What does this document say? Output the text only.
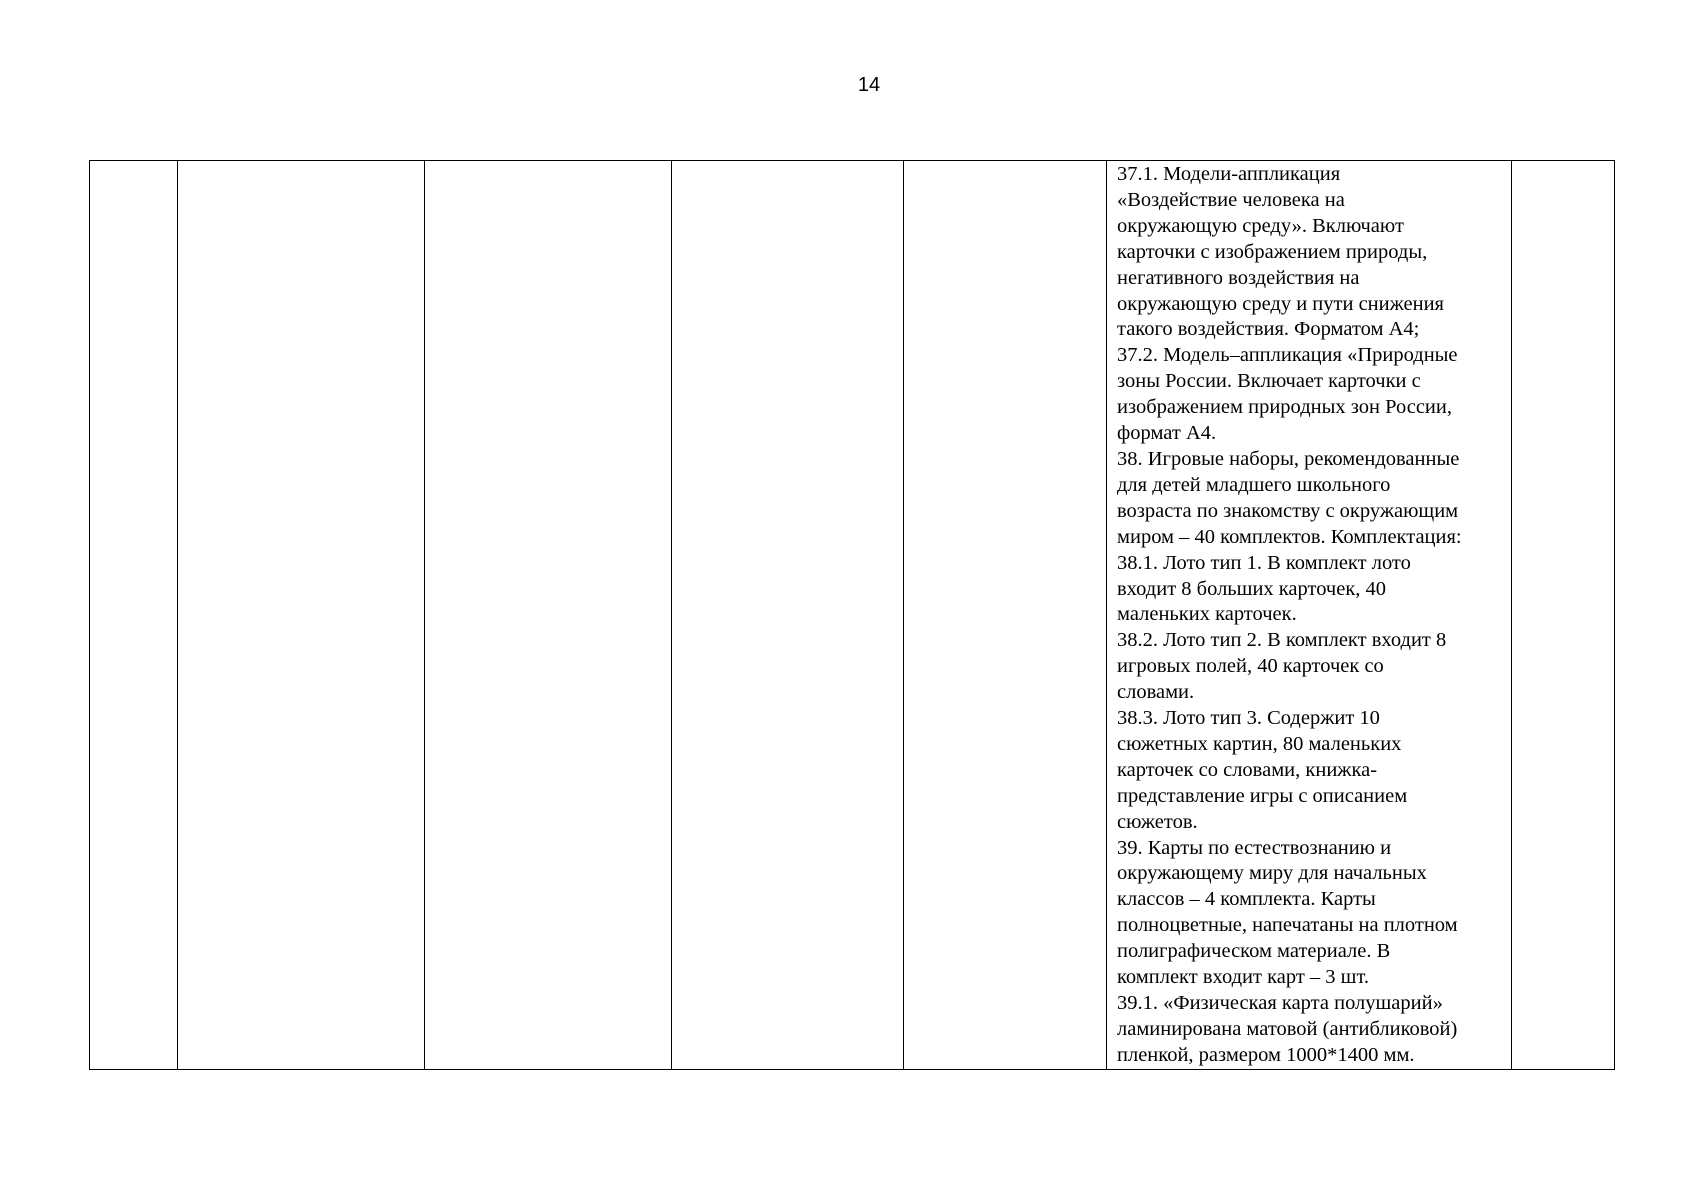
14

37.1. Модели-аппликация
«Воздействие человека на
окружающую среду». Включают
карточки с изображением природы,
негативного воздействия на
окружающую среду и пути снижения
такого воздействия. Форматом А4;
37.2. Модель–аппликация «Природные
зоны России. Включает карточки с
изображением природных зон России,
формат А4.
38. Игровые наборы, рекомендованные
для детей младшего школьного
возраста по знакомству с окружающим
миром – 40 комплектов. Комплектация:
38.1. Лото тип 1. В комплект лото
входит 8 больших карточек, 40
маленьких карточек.
38.2. Лото тип 2. В комплект входит 8
игровых полей, 40 карточек со
словами.
38.3. Лото тип 3. Содержит 10
сюжетных картин, 80 маленьких
карточек со словами, книжка-
представление игры с описанием
сюжетов.
39. Карты по естествознанию и
окружающему миру для начальных
классов – 4 комплекта. Карты
полноцветные, напечатаны на плотном
полиграфическом материале. В
комплект входит карт – 3 шт.
39.1. «Физическая карта полушарий»
ламинирована матовой (антибликовой)
пленкой, размером 1000*1400 мм.
